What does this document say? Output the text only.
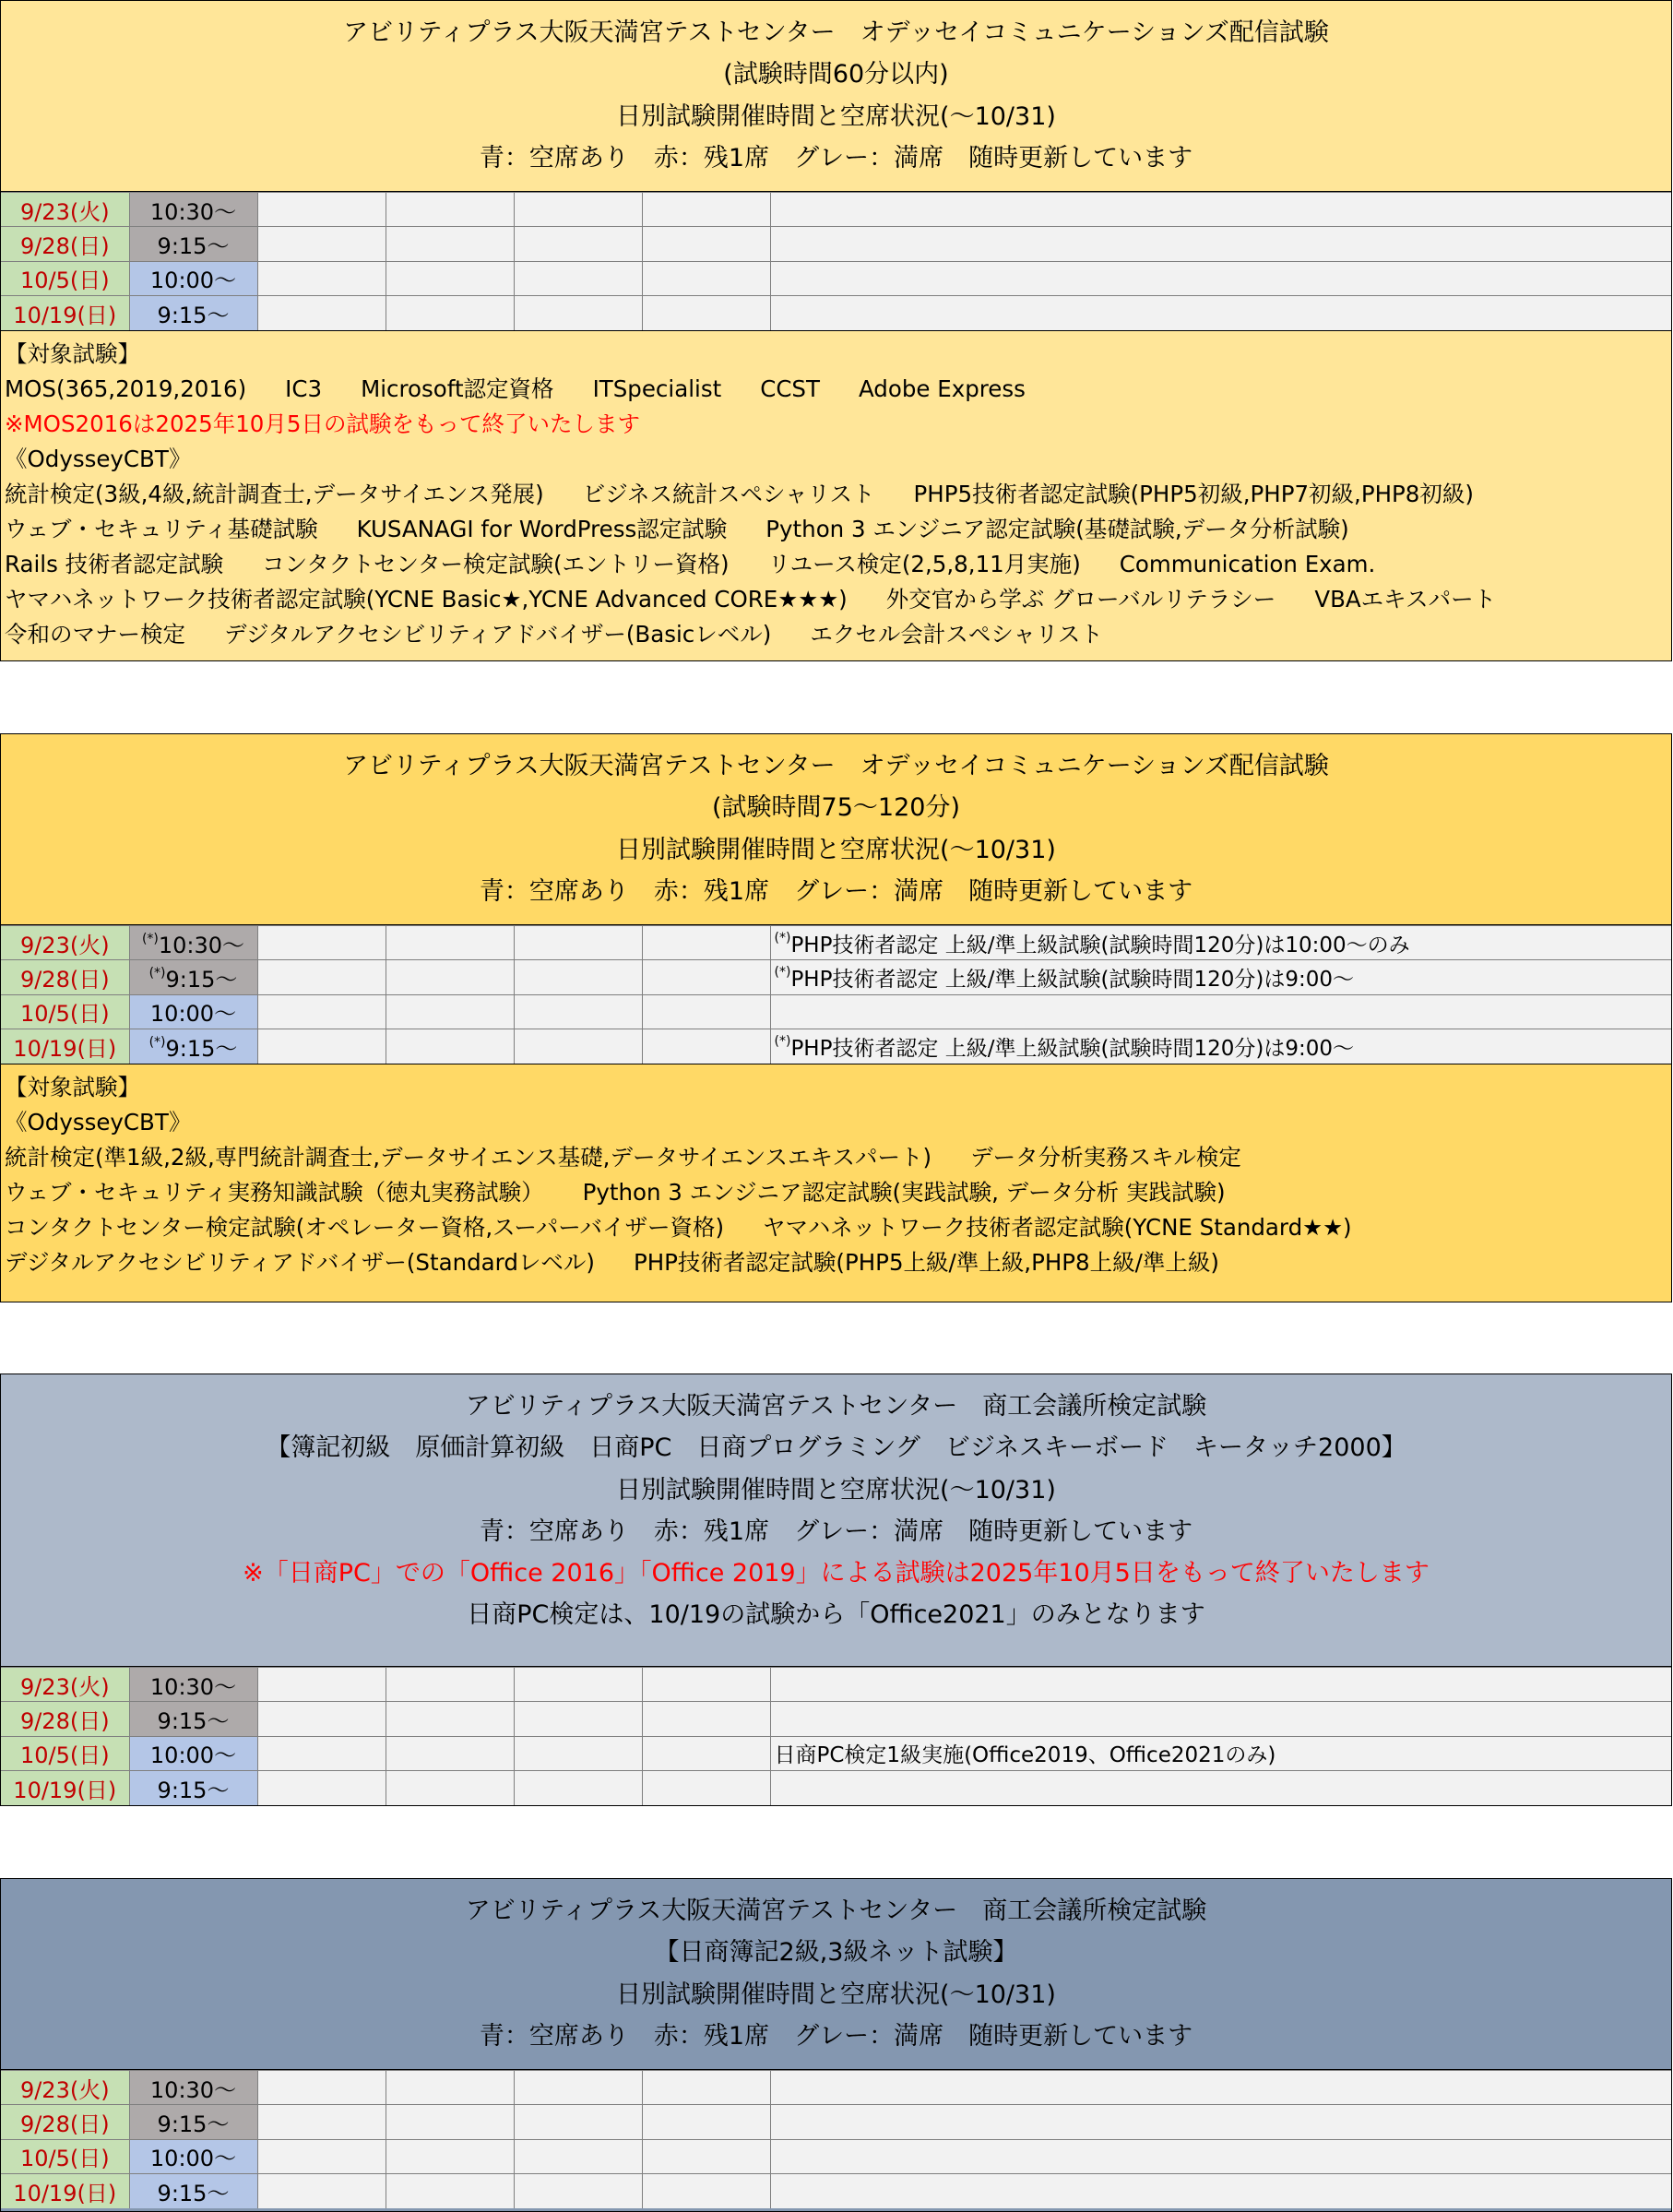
アビリティプラス大阪天満宮テストセンター　オデッセイコミュニケーションズ配信試験
(試験時間60分以内)
日別試験開催時間と空席状況(～10/31)
青：空席あり　赤：残1席　グレー：満席　随時更新しています
9/23(火)	10:30～					
9/28(日)	9:15～					
10/5(日)	10:00～					
10/19(日)	9:15～					
【対象試験】
MOS(365,2019,2016) IC3 Microsoft認定資格 ITSpecialist CCST Adobe Express
※MOS2016は2025年10月5日の試験をもって終了いたします
《OdysseyCBT》
統計検定(3級,4級,統計調査士,データサイエンス発展) ビジネス統計スペシャリスト PHP5技術者認定試験(PHP5初級,PHP7初級,PHP8初級)
ウェブ・セキュリティ基礎試験 KUSANAGI for WordPress認定試験 Python 3 エンジニア認定試験(基礎試験,データ分析試験)
Rails 技術者認定試験 コンタクトセンター検定試験(エントリー資格) リユース検定(2,5,8,11月実施) Communication Exam.
ヤマハネットワーク技術者認定試験(YCNE Basic★,YCNE Advanced CORE★★★) 外交官から学ぶ グローバルリテラシー VBAエキスパート
令和のマナー検定 デジタルアクセシビリティアドバイザー(Basicレベル) エクセル会計スペシャリスト
アビリティプラス大阪天満宮テストセンター　オデッセイコミュニケーションズ配信試験
(試験時間75～120分)
日別試験開催時間と空席状況(～10/31)
青：空席あり　赤：残1席　グレー：満席　随時更新しています
9/23(火)	(*)10:30～					(*)PHP技術者認定 上級/準上級試験(試験時間120分)は10:00～のみ
9/28(日)	(*)9:15～					(*)PHP技術者認定 上級/準上級試験(試験時間120分)は9:00～
10/5(日)	10:00～					
10/19(日)	(*)9:15～					(*)PHP技術者認定 上級/準上級試験(試験時間120分)は9:00～
【対象試験】
《OdysseyCBT》
統計検定(準1級,2級,専門統計調査士,データサイエンス基礎,データサイエンスエキスパート) データ分析実務スキル検定
ウェブ・セキュリティ実務知識試験（徳丸実務試験） Python 3 エンジニア認定試験(実践試験, データ分析 実践試験)
コンタクトセンター検定試験(オペレーター資格,スーパーバイザー資格) ヤマハネットワーク技術者認定試験(YCNE Standard★★)
デジタルアクセシビリティアドバイザー(Standardレベル) PHP技術者認定試験(PHP5上級/準上級,PHP8上級/準上級)
アビリティプラス大阪天満宮テストセンター　商工会議所検定試験
【簿記初級　原価計算初級　日商PC　日商プログラミング　ビジネスキーボード　キータッチ2000】
日別試験開催時間と空席状況(～10/31)
青：空席あり　赤：残1席　グレー：満席　随時更新しています
※「日商PC」での「Office 2016」「Office 2019」による試験は2025年10月5日をもって終了いたします
日商PC検定は、10/19の試験から「Office2021」のみとなります
9/23(火)	10:30～					
9/28(日)	9:15～					
10/5(日)	10:00～					日商PC検定1級実施(Office2019、Office2021のみ)
10/19(日)	9:15～					
アビリティプラス大阪天満宮テストセンター　商工会議所検定試験
【日商簿記2級,3級ネット試験】
日別試験開催時間と空席状況(～10/31)
青：空席あり　赤：残1席　グレー：満席　随時更新しています
9/23(火)	10:30～					
9/28(日)	9:15～					
10/5(日)	10:00～					
10/19(日)	9:15～					
